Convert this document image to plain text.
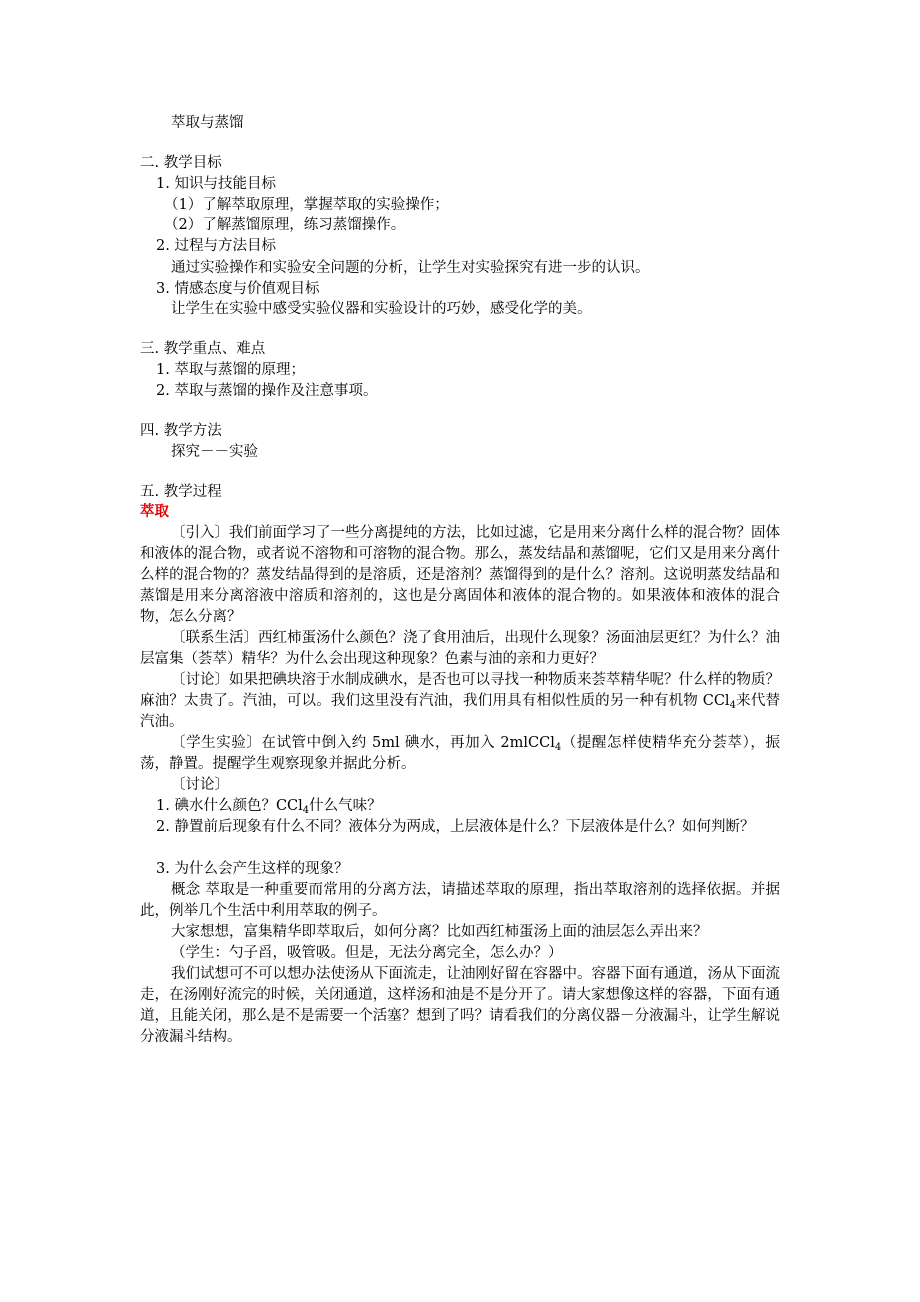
萃取与蒸馏
二. 教学目标
1. 知识与技能目标
（1）了解萃取原理，掌握萃取的实验操作；
（2）了解蒸馏原理，练习蒸馏操作。
2. 过程与方法目标
通过实验操作和实验安全问题的分析，让学生对实验探究有进一步的认识。
3. 情感态度与价值观目标
让学生在实验中感受实验仪器和实验设计的巧妙，感受化学的美。
三. 教学重点、难点
1. 萃取与蒸馏的原理；
2. 萃取与蒸馏的操作及注意事项。
四. 教学方法
探究－－实验
五. 教学过程
萃取
〔引入〕我们前面学习了一些分离提纯的方法，比如过滤，它是用来分离什么样的混合物？固体和液体的混合物，或者说不溶物和可溶物的混合物。那么，蒸发结晶和蒸馏呢，它们又是用来分离什么样的混合物的？蒸发结晶得到的是溶质，还是溶剂？蒸馏得到的是什么？溶剂。这说明蒸发结晶和蒸馏是用来分离溶液中溶质和溶剂的，这也是分离固体和液体的混合物的。如果液体和液体的混合物，怎么分离？
〔联系生活〕西红柿蛋汤什么颜色？浇了食用油后，出现什么现象？汤面油层更红？为什么？油层富集（荟萃）精华？为什么会出现这种现象？色素与油的亲和力更好？
〔讨论〕如果把碘块溶于水制成碘水，是否也可以寻找一种物质来荟萃精华呢？什么样的物质？麻油？太贵了。汽油，可以。我们这里没有汽油，我们用具有相似性质的另一种有机物 CCl$_4$来代替汽油。
〔学生实验〕在试管中倒入约 5ml 碘水，再加入 2mlCCl$_4$（提醒怎样使精华充分荟萃），振荡，静置。提醒学生观察现象并据此分析。
〔讨论〕
1. 碘水什么颜色？CCl$_4$什么气味？
2. 静置前后现象有什么不同？液体分为两成，上层液体是什么？下层液体是什么？如何判断？
3. 为什么会产生这样的现象？
概念 萃取是一种重要而常用的分离方法，请描述萃取的原理，指出萃取溶剂的选择依据。并据此，例举几个生活中利用萃取的例子。
大家想想，富集精华即萃取后，如何分离？比如西红柿蛋汤上面的油层怎么弄出来？
（学生：勺子舀，吸管吸。但是，无法分离完全，怎么办？）
我们试想可不可以想办法使汤从下面流走，让油刚好留在容器中。容器下面有通道，汤从下面流走，在汤刚好流完的时候，关闭通道，这样汤和油是不是分开了。请大家想像这样的容器，下面有通道，且能关闭，那么是不是需要一个活塞？想到了吗？请看我们的分离仪器－分液漏斗，让学生解说分液漏斗结构。
